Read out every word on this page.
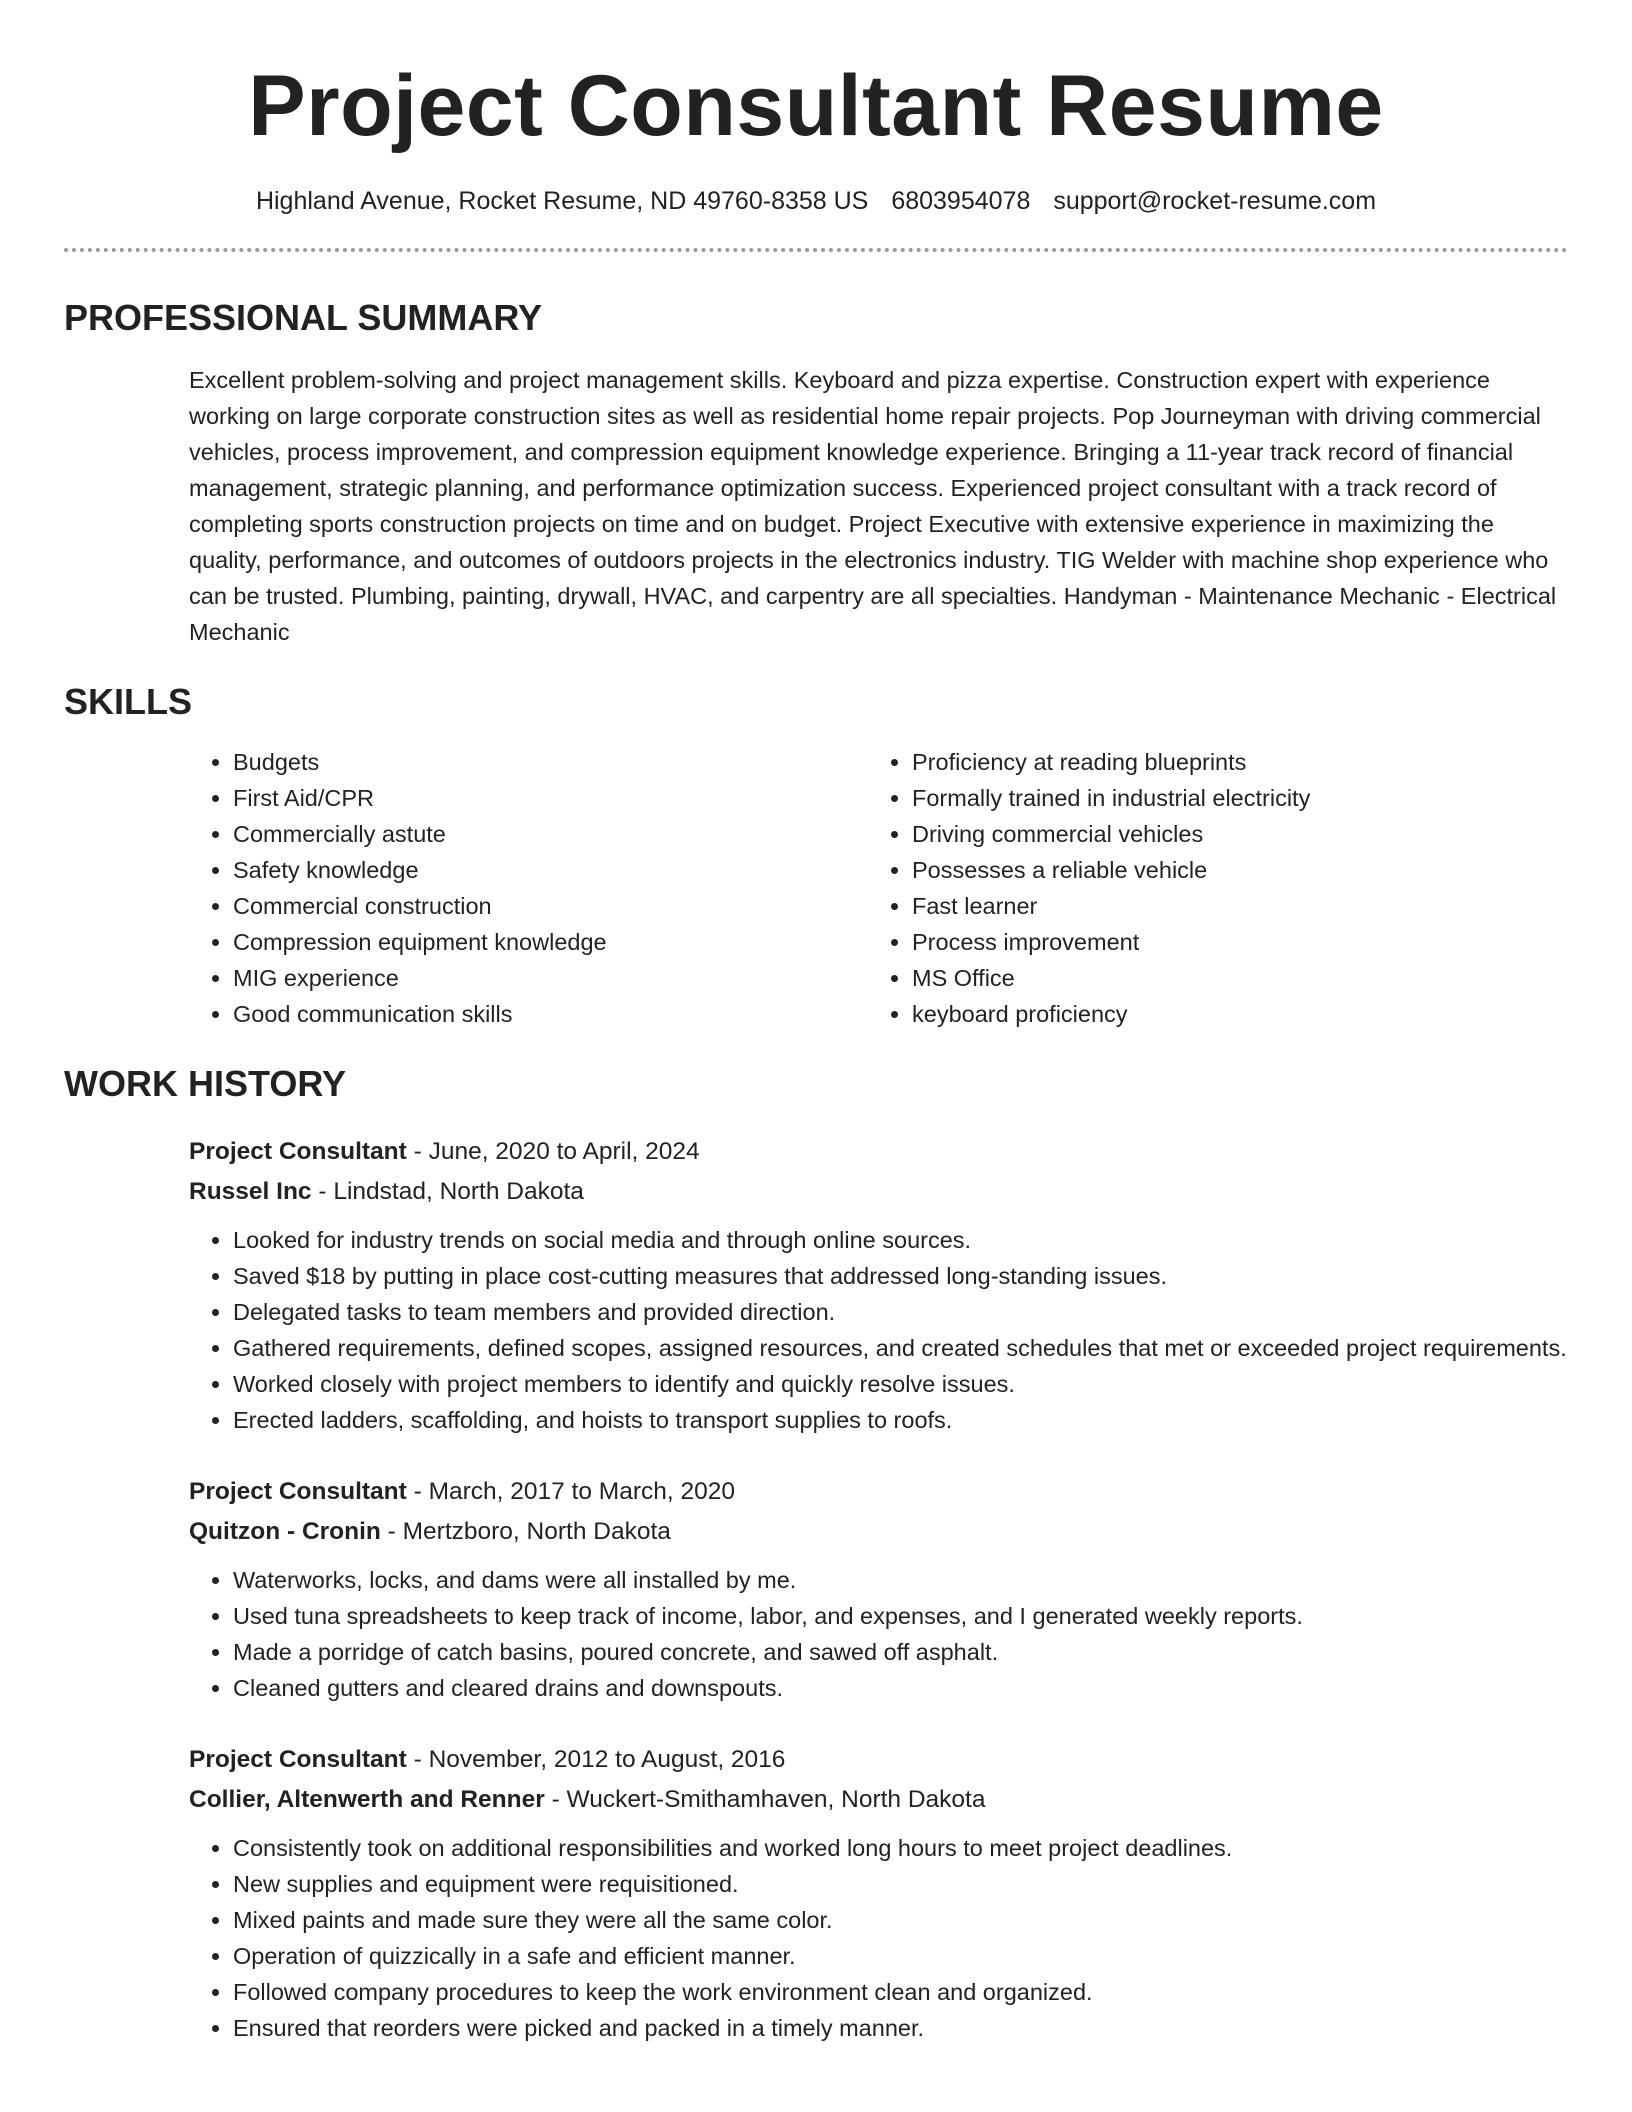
Project Consultant Resume
Highland Avenue, Rocket Resume, ND 49760-8358 US 6803954078 support@rocket-resume.com
PROFESSIONAL SUMMARY

Excellent problem-solving and project management skills. Keyboard and pizza expertise. Construction expert with experience working on large corporate construction sites as well as residential home repair projects. Pop Journeyman with driving commercial vehicles, process improvement, and compression equipment knowledge experience. Bringing a 11-year track record of financial management, strategic planning, and performance optimization success. Experienced project consultant with a track record of completing sports construction projects on time and on budget. Project Executive with extensive experience in maximizing the quality, performance, and outcomes of outdoors projects in the electronics industry. TIG Welder with machine shop experience who can be trusted. Plumbing, painting, drywall, HVAC, and carpentry are all specialties. Handyman - Maintenance Mechanic - Electrical Mechanic

SKILLS
• Budgets
• First Aid/CPR
• Commercially astute
• Safety knowledge
• Commercial construction
• Compression equipment knowledge
• MIG experience
• Good communication skills
• Proficiency at reading blueprints
• Formally trained in industrial electricity
• Driving commercial vehicles
• Possesses a reliable vehicle
• Fast learner
• Process improvement
• MS Office
• keyboard proficiency
WORK HISTORY
Project Consultant - June, 2020 to April, 2024
Russel Inc - Lindstad, North Dakota
• Looked for industry trends on social media and through online sources.
• Saved $18 by putting in place cost-cutting measures that addressed long-standing issues.
• Delegated tasks to team members and provided direction.
• Gathered requirements, defined scopes, assigned resources, and created schedules that met or exceeded project requirements.
• Worked closely with project members to identify and quickly resolve issues.
• Erected ladders, scaffolding, and hoists to transport supplies to roofs.
Project Consultant - March, 2017 to March, 2020
Quitzon - Cronin - Mertzboro, North Dakota
• Waterworks, locks, and dams were all installed by me.
• Used tuna spreadsheets to keep track of income, labor, and expenses, and I generated weekly reports.
• Made a porridge of catch basins, poured concrete, and sawed off asphalt.
• Cleaned gutters and cleared drains and downspouts.
Project Consultant - November, 2012 to August, 2016
Collier, Altenwerth and Renner - Wuckert-Smithamhaven, North Dakota
• Consistently took on additional responsibilities and worked long hours to meet project deadlines.
• New supplies and equipment were requisitioned.
• Mixed paints and made sure they were all the same color.
• Operation of quizzically in a safe and efficient manner.
• Followed company procedures to keep the work environment clean and organized.
• Ensured that reorders were picked and packed in a timely manner.
